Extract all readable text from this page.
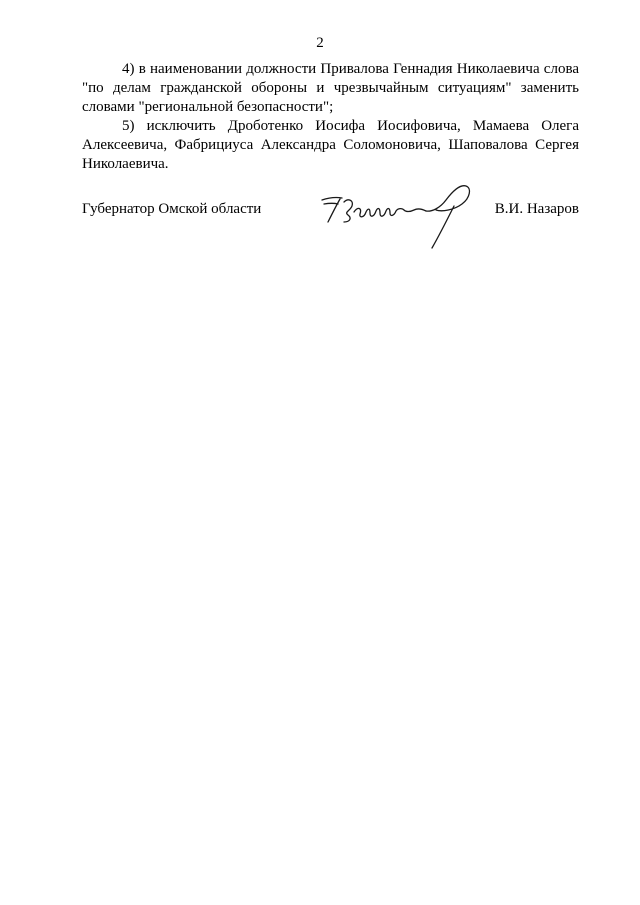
2

4) в наименовании должности Привалова Геннадия Николаевича слова "по делам гражданской обороны и чрезвычайным ситуациям" заменить словами "региональной безопасности";

5) исключить Дроботенко Иосифа Иосифовича, Мамаева Олега Алексеевича, Фабрициуса Александра Соломоновича, Шаповалова Сергея Николаевича.

Губернатор Омской области	В.И. Назаров
